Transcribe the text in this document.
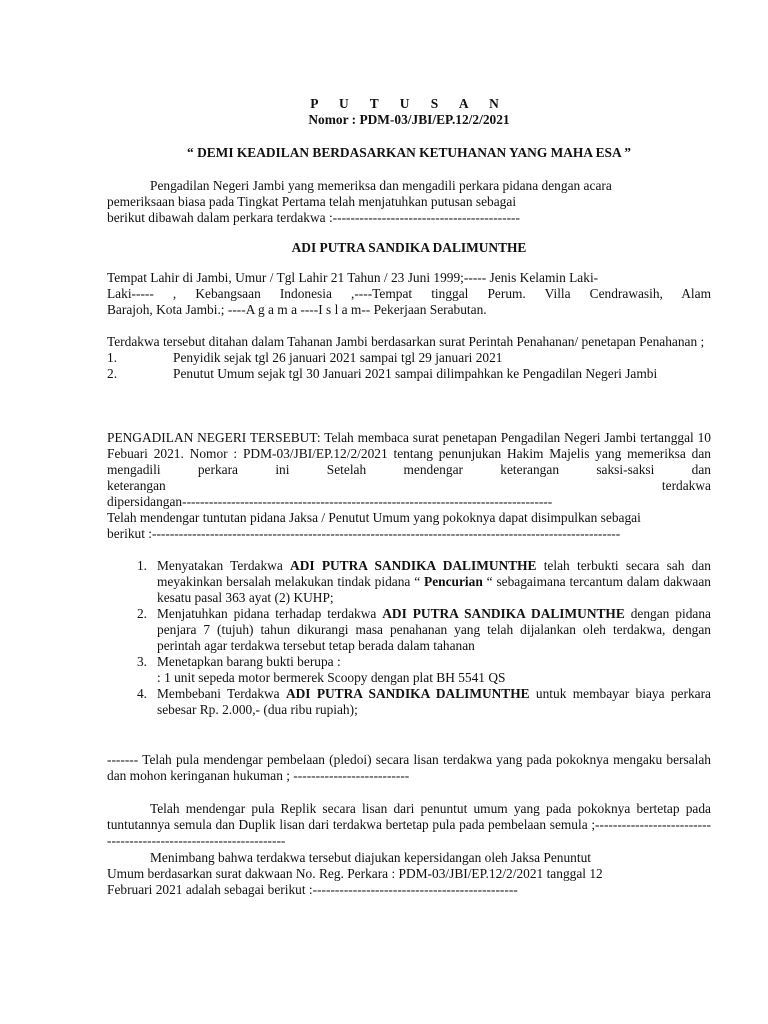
P U T U S A N
Nomor : PDM-03/JBI/EP.12/2/2021
“ DEMI KEADILAN BERDASARKAN KETUHANAN YANG MAHA ESA ”
Pengadilan Negeri Jambi yang memeriksa dan mengadili perkara pidana dengan acara
pemeriksaan biasa pada Tingkat Pertama telah menjatuhkan putusan sebagai
berikut dibawah dalam perkara terdakwa :------------------------------------------
ADI PUTRA SANDIKA DALIMUNTHE
Tempat Lahir di Jambi, Umur / Tgl Lahir 21 Tahun / 23 Juni 1999;----- Jenis Kelamin Laki-
Laki----- , Kebangsaan Indonesia ,----Tempat tinggal Perum. Villa Cendrawasih, Alam
Barajoh, Kota Jambi.; ----A g a m a ----I s l a m-- Pekerjaan Serabutan.
Terdakwa tersebut ditahan dalam Tahanan Jambi berdasarkan surat Perintah Penahanan/ penetapan Penahanan ;
1.	Penyidik sejak tgl 26 januari 2021 sampai tgl 29 januari 2021
2.	Penutut Umum sejak tgl 30 Januari 2021 sampai dilimpahkan ke Pengadilan Negeri Jambi
PENGADILAN NEGERI TERSEBUT: Telah membaca surat penetapan Pengadilan Negeri Jambi tertanggal 10 Febuari 2021. Nomor : PDM-03/JBI/EP.12/2/2021 tentang penunjukan Hakim Majelis yang memeriksa dan mengadili perkara ini Setelah mendengar keterangan saksi-saksi dan
keterangan	terdakwa
dipersidangan-----------------------------------------------------------------------------------
Telah mendengar tuntutan pidana Jaksa / Penutut Umum yang pokoknya dapat disimpulkan sebagai
berikut :---------------------------------------------------------------------------------------------------------
1. Menyatakan Terdakwa ADI PUTRA SANDIKA DALIMUNTHE telah terbukti secara sah dan meyakinkan bersalah melakukan tindak pidana “ Pencurian “ sebagaimana tercantum dalam dakwaan kesatu pasal 363 ayat (2) KUHP;
2. Menjatuhkan pidana terhadap terdakwa ADI PUTRA SANDIKA DALIMUNTHE dengan pidana penjara 7 (tujuh) tahun dikurangi masa penahanan yang telah dijalankan oleh terdakwa, dengan perintah agar terdakwa tersebut tetap berada dalam tahanan
3. Menetapkan barang bukti berupa :
: 1 unit sepeda motor bermerek Scoopy dengan plat BH 5541 QS
4. Membebani Terdakwa ADI PUTRA SANDIKA DALIMUNTHE untuk membayar biaya perkara sebesar Rp. 2.000,- (dua ribu rupiah);
------- Telah pula mendengar pembelaan (pledoi) secara lisan terdakwa yang pada pokoknya mengaku bersalah dan mohon keringanan hukuman ; --------------------------
Telah mendengar pula Replik secara lisan dari penuntut umum yang pada pokoknya bertetap pada tuntutannya semula dan Duplik lisan dari terdakwa bertetap pula pada pembelaan semula ;------------------------------------------------------------------
Menimbang bahwa terdakwa tersebut diajukan kepersidangan oleh Jaksa Penuntut
Umum berdasarkan surat dakwaan No. Reg. Perkara : PDM-03/JBI/EP.12/2/2021 tanggal 12
Februari 2021 adalah sebagai berikut :----------------------------------------------
